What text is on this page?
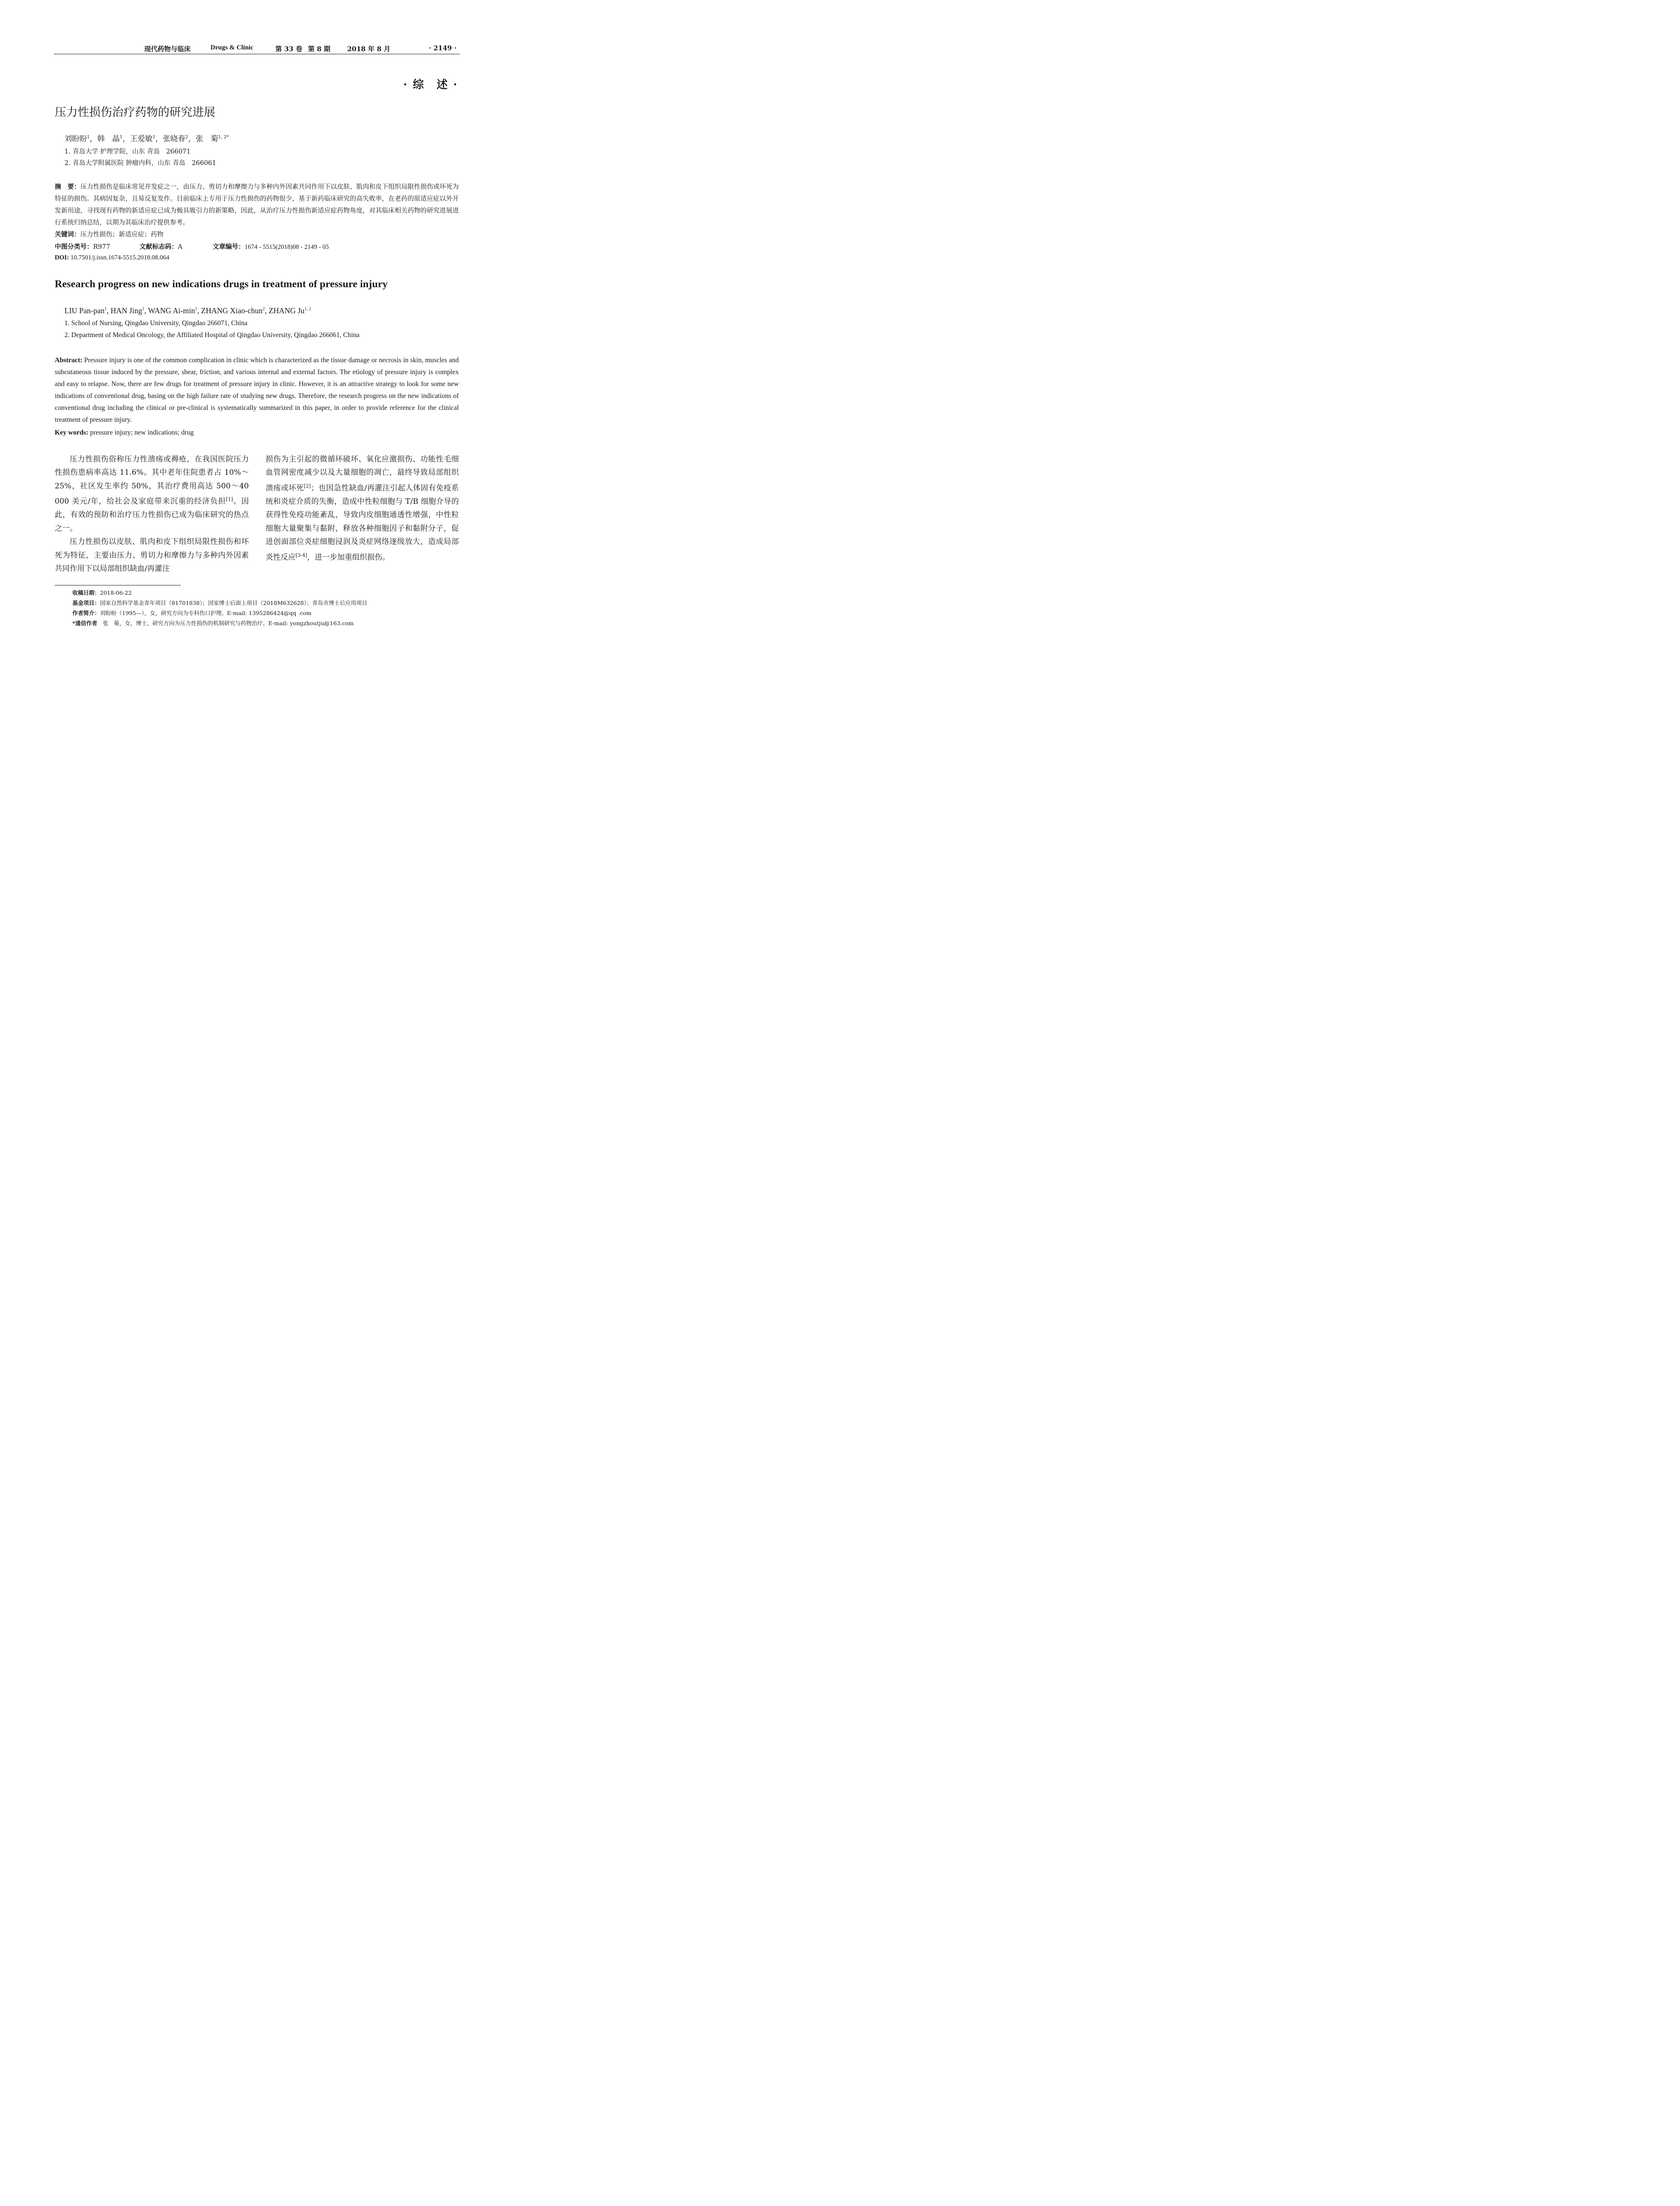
现代药物与临床	Drugs & Clinic	第 33 卷 第 8 期	2018 年 8 月	· 2149 ·
· 综　述 ·
压力性损伤治疗药物的研究进展
刘盼盼$^1$，韩　晶$^1$，王爱敏$^1$，张晓春$^2$，张　菊$^{1, 2*}$
1. 青岛大学 护理学院，山东 青岛　266071
2. 青岛大学附属医院 肿瘤内科，山东 青岛　266061
摘　要：压力性损伤是临床常见并发症之一，由压力、剪切力和摩擦力与多种内外因素共同作用下以皮肤、肌肉和皮下组织局限性损伤或坏死为特征的损伤。其病因复杂，且易反复发作。目前临床上专用于压力性损伤的药物很少，基于新药临床研究的高失败率，在老药的原适应症以外开发新用途，寻找现有药物的新适应症已成为极具吸引力的新策略，因此，从治疗压力性损伤新适应症药物角度，对其临床相关药物的研究进展进行系统归纳总结，以期为其临床治疗提供参考。
关键词：压力性损伤；新适应症；药物
中图分类号：R977	文献标志码：A	文章编号：1674 - 5515(2018)08 - 2149 - 05
DOI: 10.7501/j.issn.1674-5515.2018.08.064
Research progress on new indications drugs in treatment of pressure injury
LIU Pan-pan$^1$, HAN Jing$^1$, WANG $Ai-\min^1$, ZHANG Xiao-chun$^2$, ZHANG Ju$^{1, 2}$
1. School of Nursing, Qingdao University, Qingdao 266071, China
2. Department of Medical Oncology, the Affiliated Hospital of Qingdao University, Qingdao 266061, China
Abstract: Pressure injury is one of the common complication in clinic which is characterized as the tissue damage or necrosis in skin, muscles and subcutaneous tissue induced by the pressure, shear, friction, and various internal and external factors. The etiology of pressure injury is complex and easy to relapse. Now, there are few drugs for treatment of pressure injury in clinic. However, it is an attractive strategy to look for some new indications of conventional drug, basing on the high failure rate of studying new drugs. Therefore, the research progress on the new indications of conventional drug including the clinical or pre-clinical is systematically summarized in this paper, in order to provide reference for the clinical treatment of pressure injury.
Key words: pressure injury; new indications; drug

压力性损伤俗称压力性溃疡或褥疮，在我国医院压力性损伤患病率高达 11.6%。其中老年住院患者占 10%～25%，社区发生率约 50%，其治疗费用高达 500～40 000 美元/年，给社会及家庭带来沉重的经济负担[1]。因此，有效的预防和治疗压力性损伤已成为临床研究的热点之一。

压力性损伤以皮肤、肌肉和皮下组织局限性损伤和坏死为特征，主要由压力、剪切力和摩擦力与多种内外因素共同作用下以局部组织缺血/再灌注

损伤为主引起的微循环破坏、氧化应激损伤、功能性毛细血管网密度减少以及大量细胞的凋亡，最终导致局部组织溃疡或坏死[2]；也因急性缺血/再灌注引起人体固有免疫系统和炎症介质的失衡，造成中性粒细胞与 T/B 细胞介导的获得性免疫功能紊乱，导致内皮细胞通透性增强，中性粒细胞大量聚集与黏附，释放各种细胞因子和黏附分子，促进创面部位炎症细胞浸润及炎症网络逐级放大，造成局部炎性反应[3-4]，进一步加重组织损伤。

收稿日期：2018-06-22
基金项目：国家自然科学基金青年项目（81701838）；国家博士后面上项目（2018M632628）；青岛市博士后应用项目
作者简介：刘盼盼（1995—），女，研究方向为专科伤口护理。E-mail: 1395286424@qq .com
*通信作者  张　菊，女，博士，研究方向为压力性损伤的机制研究与药物治疗。E-mail: yongzhoutju@163.com
